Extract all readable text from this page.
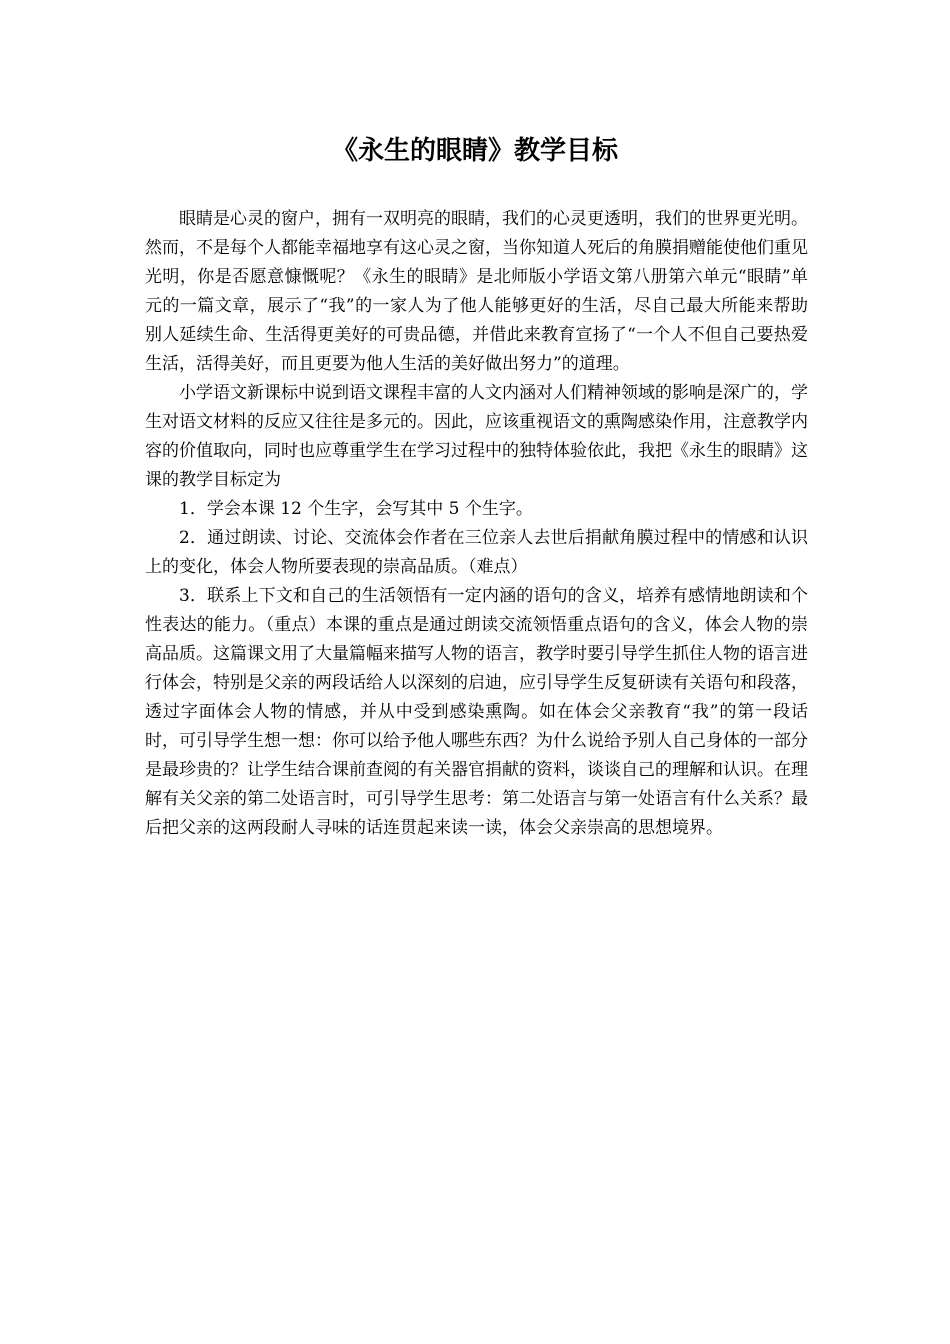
《永生的眼睛》教学目标

眼睛是心灵的窗户，拥有一双明亮的眼睛，我们的心灵更透明，我们的世界更光明。然而，不是每个人都能幸福地享有这心灵之窗，当你知道人死后的角膜捐赠能使他们重见光明，你是否愿意慷慨呢？《永生的眼睛》是北师版小学语文第八册第六单元“眼睛”单元的一篇文章，展示了“我”的一家人为了他人能够更好的生活，尽自己最大所能来帮助别人延续生命、生活得更美好的可贵品德，并借此来教育宣扬了“一个人不但自己要热爱生活，活得美好，而且更要为他人生活的美好做出努力”的道理。

小学语文新课标中说到语文课程丰富的人文内涵对人们精神领域的影响是深广的，学生对语文材料的反应又往往是多元的。因此，应该重视语文的熏陶感染作用，注意教学内容的价值取向，同时也应尊重学生在学习过程中的独特体验依此，我把《永生的眼睛》这课的教学目标定为

1．学会本课 12 个生字，会写其中 5 个生字。

2．通过朗读、讨论、交流体会作者在三位亲人去世后捐献角膜过程中的情感和认识上的变化，体会人物所要表现的崇高品质。（难点）

3．联系上下文和自己的生活领悟有一定内涵的语句的含义，培养有感情地朗读和个性表达的能力。（重点）本课的重点是通过朗读交流领悟重点语句的含义，体会人物的崇高品质。这篇课文用了大量篇幅来描写人物的语言，教学时要引导学生抓住人物的语言进行体会，特别是父亲的两段话给人以深刻的启迪，应引导学生反复研读有关语句和段落，透过字面体会人物的情感，并从中受到感染熏陶。如在体会父亲教育“我”的第一段话时，可引导学生想一想：你可以给予他人哪些东西？为什么说给予别人自己身体的一部分是最珍贵的？让学生结合课前查阅的有关器官捐献的资料，谈谈自己的理解和认识。在理解有关父亲的第二处语言时，可引导学生思考：第二处语言与第一处语言有什么关系？最后把父亲的这两段耐人寻味的话连贯起来读一读，体会父亲崇高的思想境界。
